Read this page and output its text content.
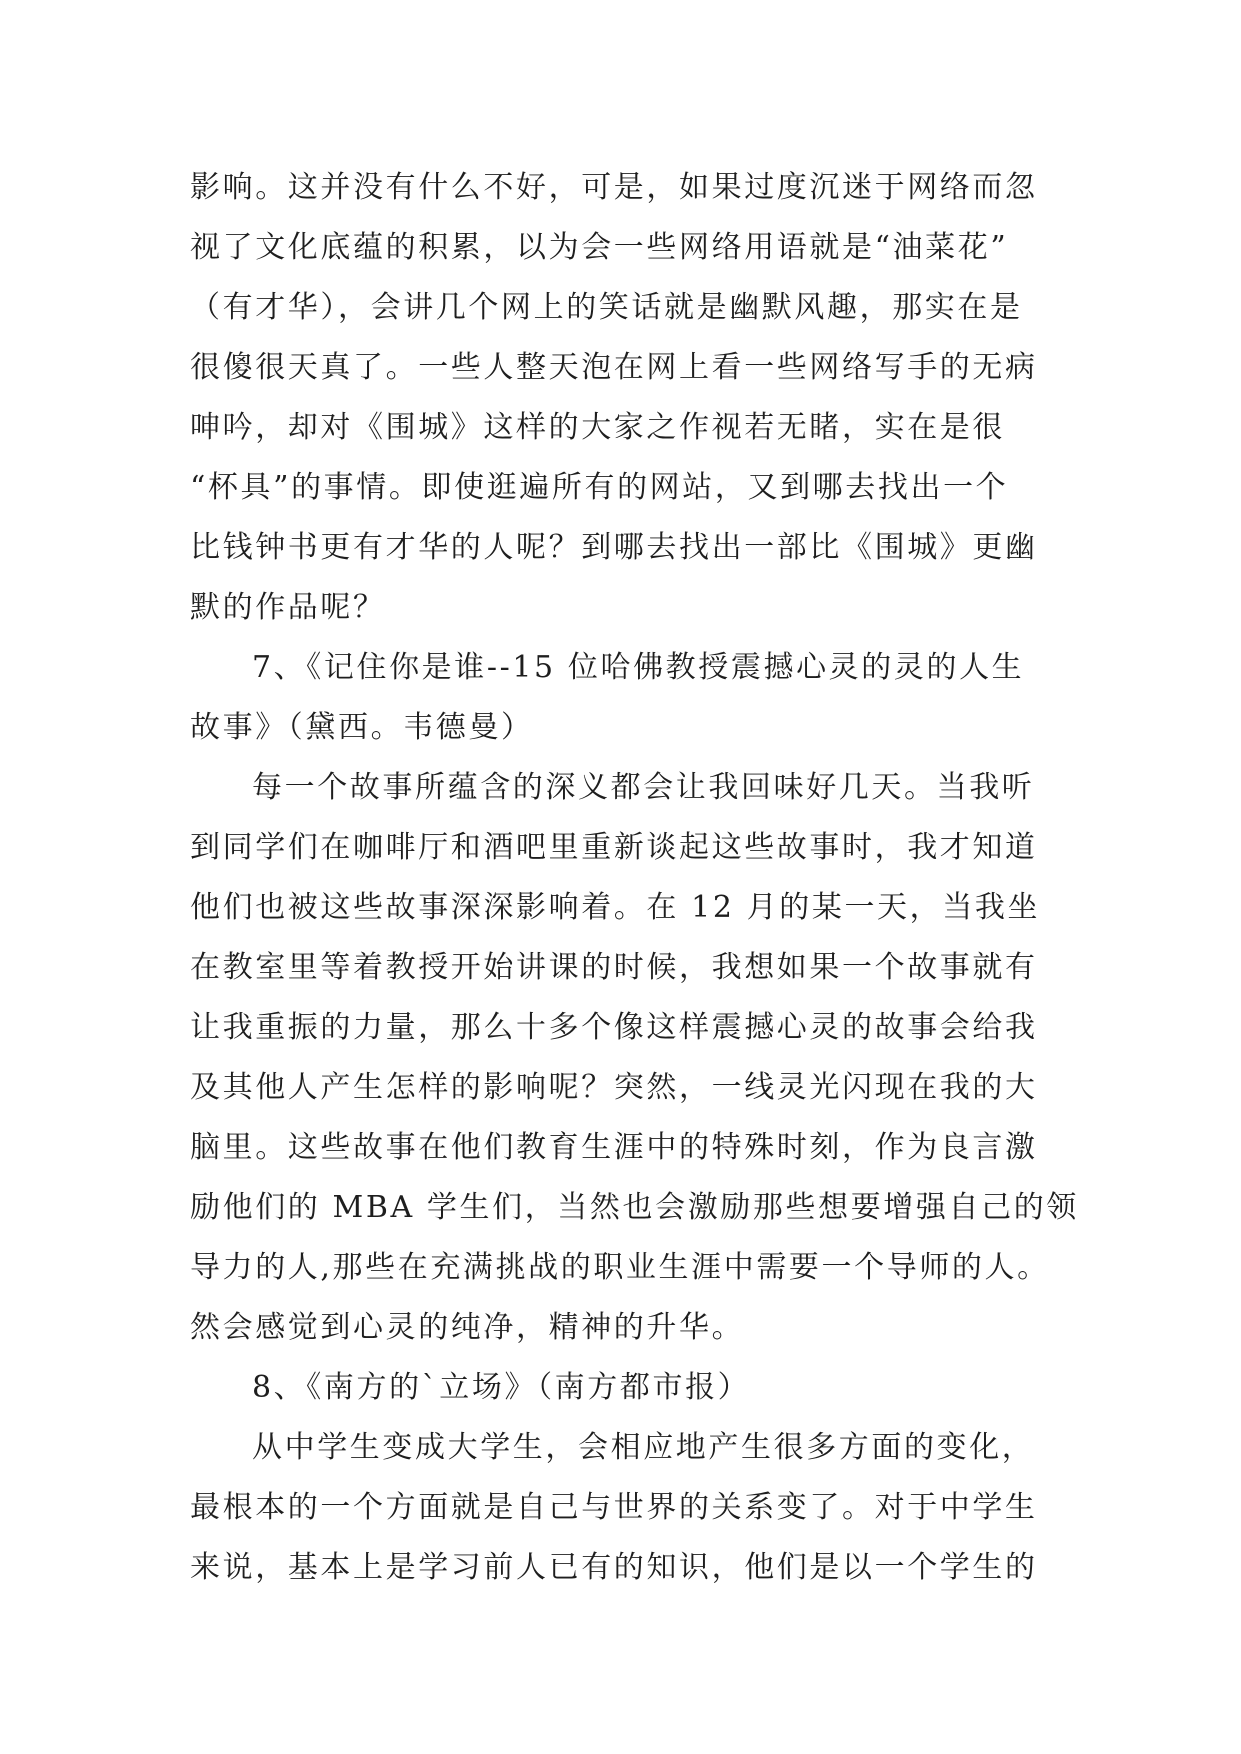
影响。这并没有什么不好，可是，如果过度沉迷于网络而忽
视了文化底蕴的积累，以为会一些网络用语就是“油菜花”
（有才华），会讲几个网上的笑话就是幽默风趣，那实在是
很傻很天真了。一些人整天泡在网上看一些网络写手的无病
呻吟，却对《围城》这样的大家之作视若无睹，实在是很
“杯具”的事情。即使逛遍所有的网站，又到哪去找出一个
比钱钟书更有才华的人呢？到哪去找出一部比《围城》更幽
默的作品呢？
7、《记住你是谁--15 位哈佛教授震撼心灵的灵的人生
故事》（黛西。韦德曼）
每一个故事所蕴含的深义都会让我回味好几天。当我听
到同学们在咖啡厅和酒吧里重新谈起这些故事时，我才知道
他们也被这些故事深深影响着。在 12 月的某一天，当我坐
在教室里等着教授开始讲课的时候，我想如果一个故事就有
让我重振的力量，那么十多个像这样震撼心灵的故事会给我
及其他人产生怎样的影响呢？突然，一线灵光闪现在我的大
脑里。这些故事在他们教育生涯中的特殊时刻，作为良言激
励他们的 MBA 学生们，当然也会激励那些想要增强自己的领
导力的人,那些在充满挑战的职业生涯中需要一个导师的人。
然会感觉到心灵的纯净，精神的升华。
8、《南方的`立场》（南方都市报）
从中学生变成大学生，会相应地产生很多方面的变化，
最根本的一个方面就是自己与世界的关系变了。对于中学生
来说，基本上是学习前人已有的知识，他们是以一个学生的
